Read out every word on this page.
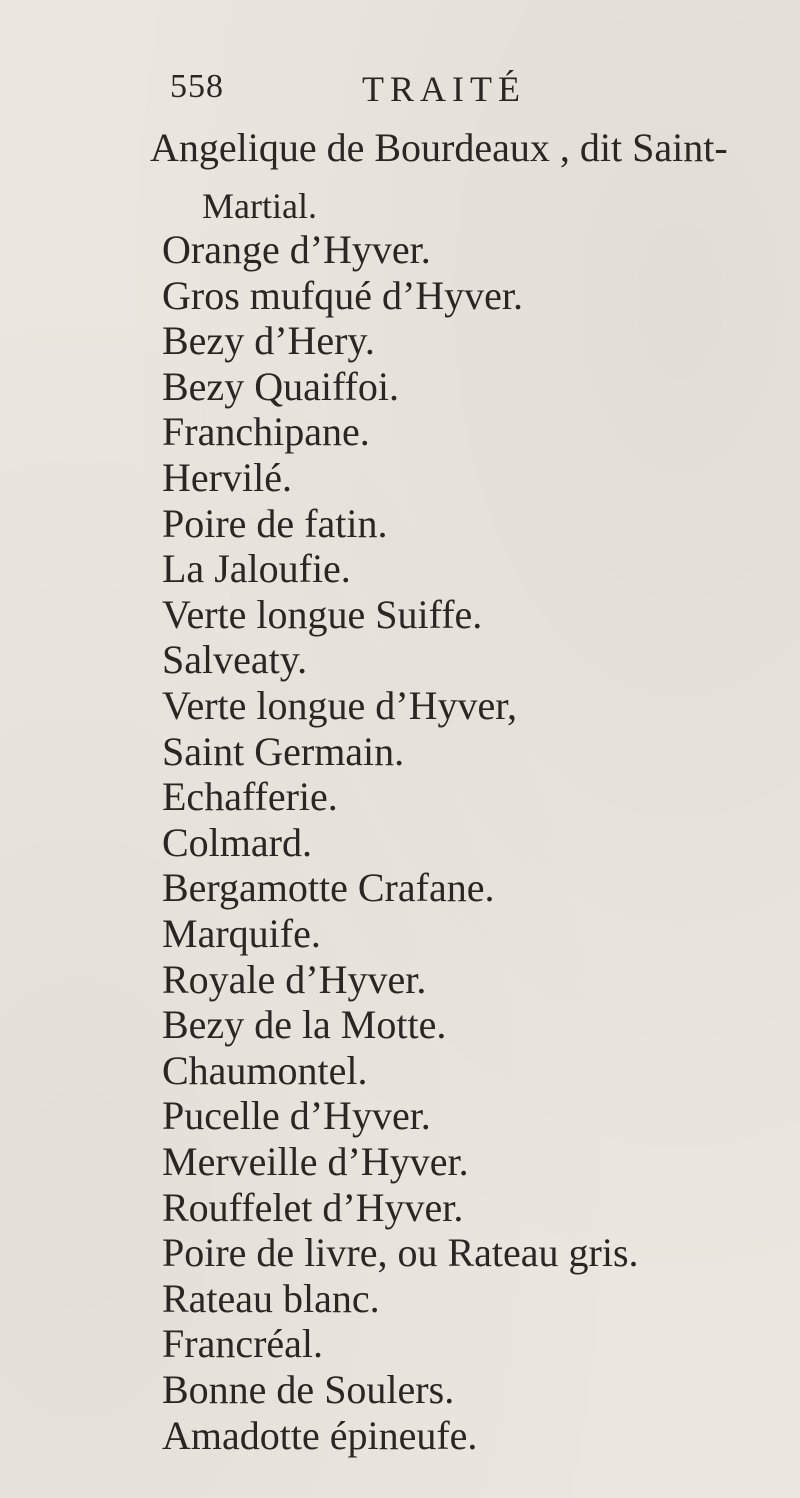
558	TRAITÉ
Angelique de Bourdeaux , dit Saint-
Martial.
Orange d’Hyver.
Gros mufqué d’Hyver.
Bezy d’Hery.
Bezy Quaiffoi.
Franchipane.
Hervilé.
Poire de fatin.
La Jaloufie.
Verte longue Suiffe.
Salveaty.
Verte longue d’Hyver,
Saint Germain.
Echafferie.
Colmard.
Bergamotte Crafane.
Marquife.
Royale d’Hyver.
Bezy de la Motte.
Chaumontel.
Pucelle d’Hyver.
Merveille d’Hyver.
Rouffelet d’Hyver.
Poire de livre, ou Rateau gris.
Rateau blanc.
Francréal.
Bonne de Soulers.
Amadotte épineufe.
